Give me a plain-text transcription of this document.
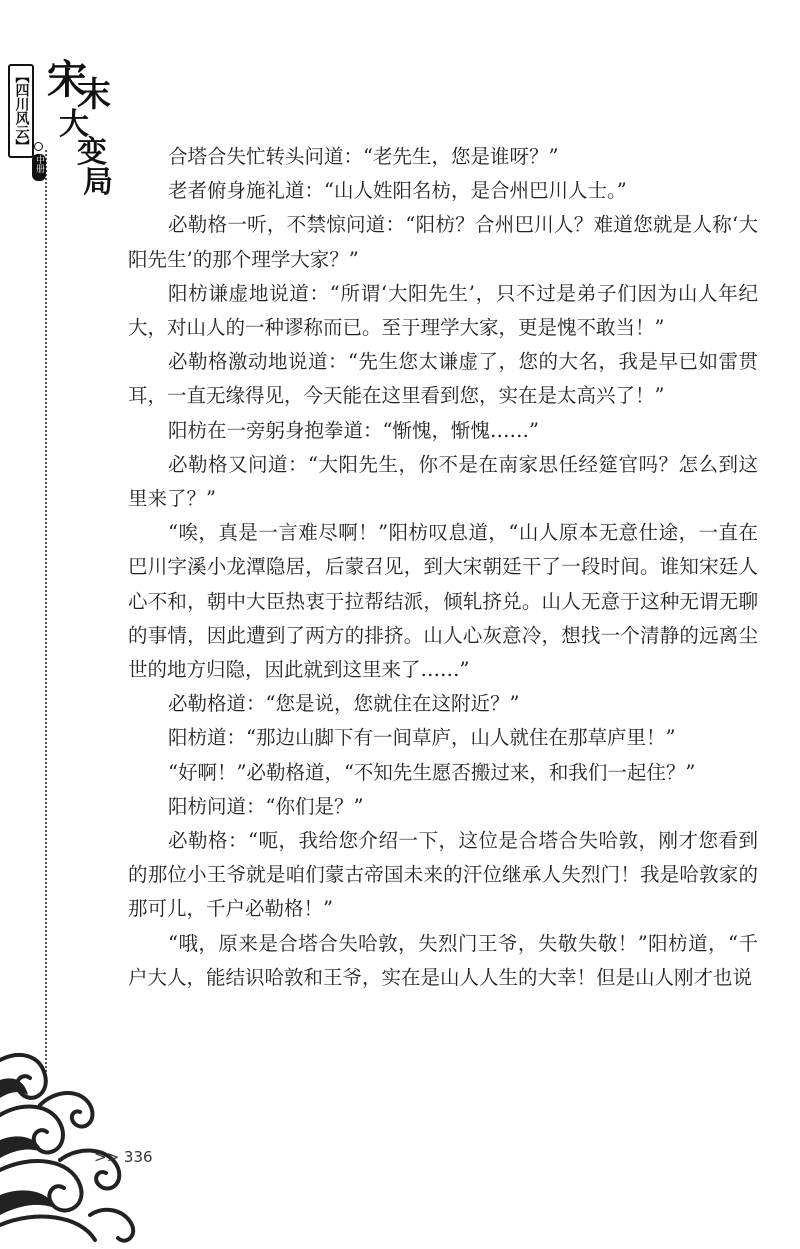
【四川风云】
中册
宋
末
大
变
局

合塔合失忙转头问道：“老先生，您是谁呀？”

老者俯身施礼道：“山人姓阳名枋，是合州巴川人士。”

必勒格一听，不禁惊问道：“阳枋？合州巴川人？难道您就是人称‘大阳先生’的那个理学大家？”

阳枋谦虚地说道：“所谓‘大阳先生’，只不过是弟子们因为山人年纪大，对山人的一种谬称而已。至于理学大家，更是愧不敢当！”

必勒格激动地说道：“先生您太谦虚了，您的大名，我是早已如雷贯耳，一直无缘得见，今天能在这里看到您，实在是太高兴了！”

阳枋在一旁躬身抱拳道：“惭愧，惭愧……”

必勒格又问道：“大阳先生，你不是在南家思任经筵官吗？怎么到这里来了？”

“唉，真是一言难尽啊！”阳枋叹息道，“山人原本无意仕途，一直在巴川字溪小龙潭隐居，后蒙召见，到大宋朝廷干了一段时间。谁知宋廷人心不和，朝中大臣热衷于拉帮结派，倾轧挤兑。山人无意于这种无谓无聊的事情，因此遭到了两方的排挤。山人心灰意冷，想找一个清静的远离尘世的地方归隐，因此就到这里来了……”

必勒格道：“您是说，您就住在这附近？”

阳枋道：“那边山脚下有一间草庐，山人就住在那草庐里！”

“好啊！”必勒格道，“不知先生愿否搬过来，和我们一起住？”

阳枋问道：“你们是？”

必勒格：“呃，我给您介绍一下，这位是合塔合失哈敦，刚才您看到的那位小王爷就是咱们蒙古帝国未来的汗位继承人失烈门！我是哈敦家的那可儿，千户必勒格！”

“哦，原来是合塔合失哈敦，失烈门王爷，失敬失敬！”阳枋道，“千户大人，能结识哈敦和王爷，实在是山人人生的大幸！但是山人刚才也说

>> 336
